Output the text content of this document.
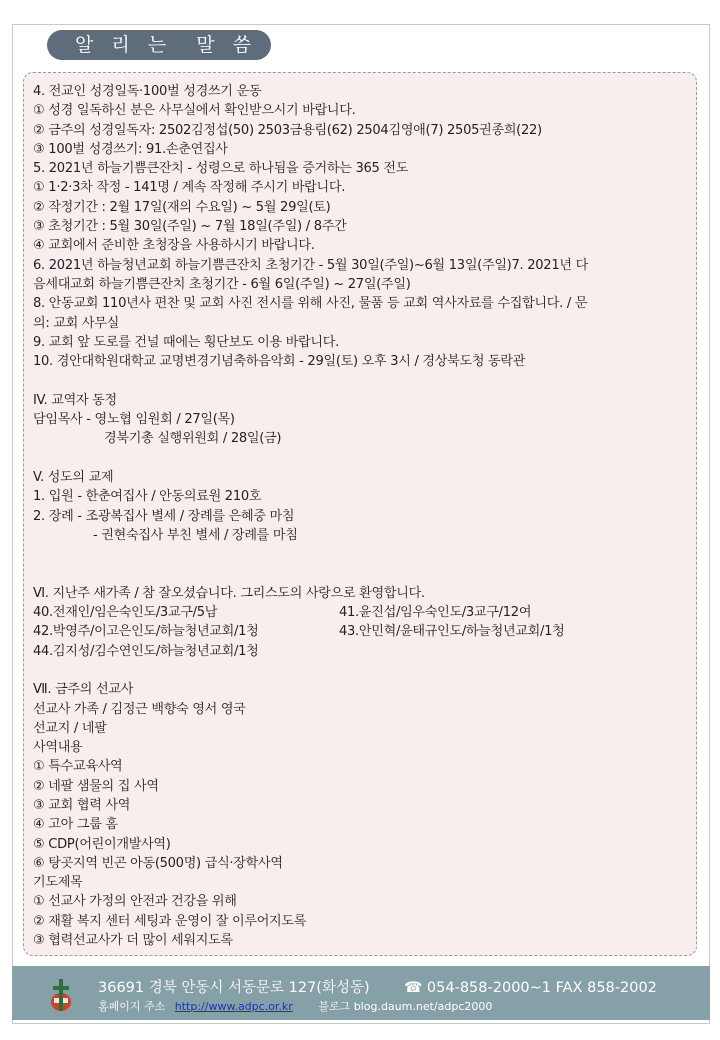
알 리 는  말 씀
4. 전교인 성경일독·100벌 성경쓰기 운동
① 성경 일독하신 분은 사무실에서 확인받으시기 바랍니다.
② 금주의 성경일독자: 2502김정섭(50) 2503금용림(62) 2504김영애(7) 2505권종희(22)
③ 100벌 성경쓰기: 91.손춘연집사
5. 2021년 하늘기쁨큰잔치 - 성령으로 하나됨을 증거하는 365 전도
① 1·2·3차 작정 - 141명 / 계속 작정해 주시기 바랍니다.
② 작정기간 : 2월 17일(재의 수요일) ~ 5월 29일(토)
③ 초청기간 : 5월 30일(주일) ~ 7월 18일(주일) / 8주간
④ 교회에서 준비한 초청장을 사용하시기 바랍니다.
6. 2021년 하늘청년교회 하늘기쁨큰잔치 초청기간 - 5월 30일(주일)~6월 13일(주일)7. 2021년 다
음세대교회 하늘기쁨큰잔치 초청기간 - 6월 6일(주일) ~ 27일(주일)
8. 안동교회 110년사 편찬 및 교회 사진 전시를 위해 사진, 물품 등 교회 역사자료를 수집합니다. / 문
의: 교회 사무실
9. 교회 앞 도로를 건널 때에는 횡단보도 이용 바랍니다.
10. 경안대학원대학교 교명변경기념축하음악회 - 29일(토) 오후 3시 / 경상북도청 동락관
IV. 교역자 동정
담임목사 - 영노협 임원회 / 27일(목)
경북기총 실행위원회 / 28일(금)
V. 성도의 교제
1. 입원 - 한춘여집사 / 안동의료원 210호
2. 장례 - 조광복집사 별세 / 장례를 은혜중 마침
- 권현숙집사 부친 별세 / 장례를 마침
Ⅵ. 지난주 새가족 / 참 잘오셨습니다. 그리스도의 사랑으로 환영합니다.
40.전재인/임은숙인도/3교구/5남	41.윤진섭/임우숙인도/3교구/12여
42.박영주/이고은인도/하늘청년교회/1청	43.안민혁/윤태규인도/하늘청년교회/1청
44.김지성/김수연인도/하늘청년교회/1청
Ⅶ. 금주의 선교사
선교사 가족 / 김정근 백향숙 영서 영국
선교지 / 네팔
사역내용
① 특수교육사역
② 네팔 샘물의 집 사역
③ 교회 협력 사역
④ 고아 그룹 홈
⑤ CDP(어린이개발사역)
⑥ 탕곳지역 빈곤 아동(500명) 급식·장학사역
기도제목
① 선교사 가정의 안전과 건강을 위해
② 재활 복지 센터 세팅과 운영이 잘 이루어지도록
③ 협력선교사가 더 많이 세워지도록
36691 경북 안동시 서동문로 127(화성동) ☎ 054-858-2000~1 FAX 858-2002
홈페이지 주소 http://www.adpc.or.kr 블로그 blog.daum.net/adpc2000
